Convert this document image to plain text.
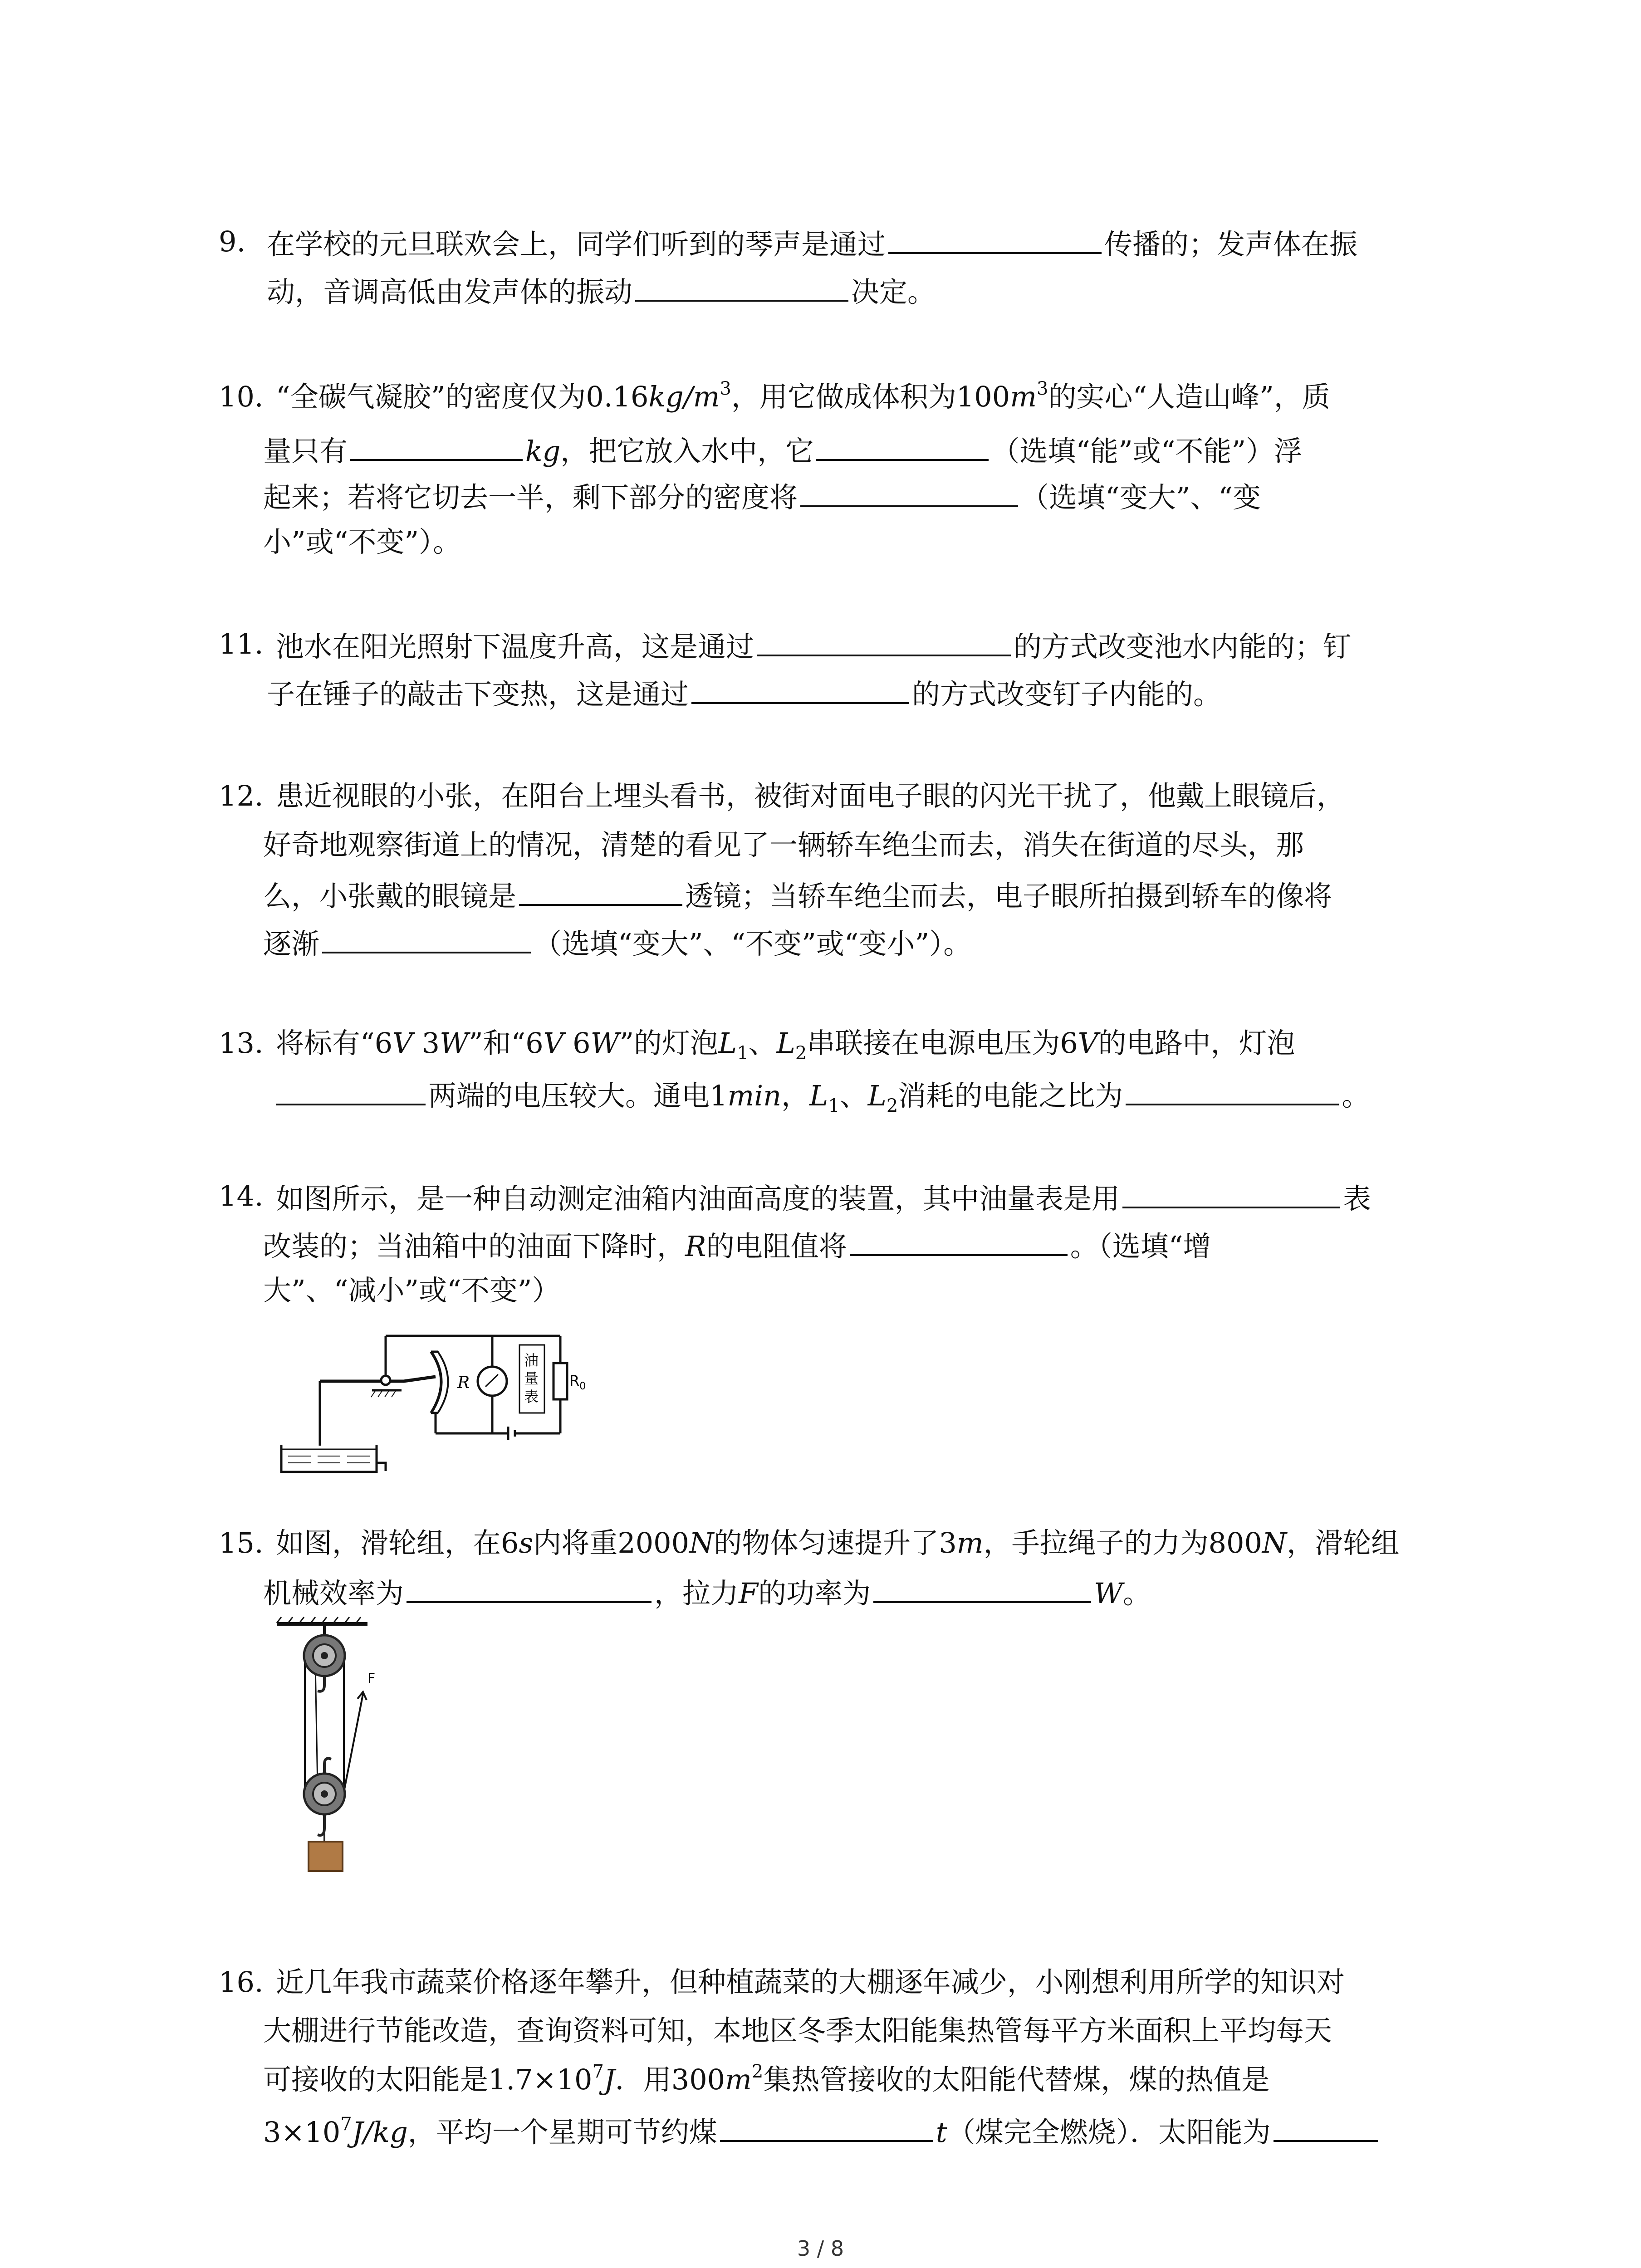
9. 在学校的元旦联欢会上，同学们听到的琴声是通过	传播的；发声体在振
动，音调高低由发声体的振动	决定。
10. “全碳气凝胶”的密度仅为$0.16kg/m^3$，用它做成体积为$100m^3$的实心“人造山峰”，质
量只有	kg，把它放入水中，它	（选填“能”或“不能”）浮
起来；若将它切去一半，剩下部分的密度将	（选填“变大”、“变
小”或“不变”）。
11. 池水在阳光照射下温度升高，这是通过	的方式改变池水内能的；钉
子在锤子的敲击下变热，这是通过	的方式改变钉子内能的。
12. 患近视眼的小张，在阳台上埋头看书，被街对面电子眼的闪光干扰了，他戴上眼镜后，
好奇地观察街道上的情况，清楚的看见了一辆轿车绝尘而去，消失在街道的尽头，那
么，小张戴的眼镜是	透镜；当轿车绝尘而去，电子眼所拍摄到轿车的像将
逐渐	（选填“变大”、“不变”或“变小”）。
13. 将标有“6V 3W”和“6V 6W”的灯泡$L_1$、$L_2$串联接在电源电压为6V的电路中，灯泡
两端的电压较大。通电1min，$L_1$、$L_2$消耗的电能之比为	。
14. 如图所示，是一种自动测定油箱内油面高度的装置，其中油量表是用	表
改装的；当油箱中的油面下降时，R的电阻值将	。（选填“增
大”、“减小”或“不变”）
R
油
量
表
$R_0$
15. 如图，滑轮组，在6s内将重2000N的物体匀速提升了3m，手拉绳子的力为800N，滑轮组
机械效率为	，拉力F的功率为	W。
F
16. 近几年我市蔬菜价格逐年攀升，但种植蔬菜的大棚逐年减少，小刚想利用所学的知识对
大棚进行节能改造，查询资料可知，本地区冬季太阳能集热管每平方米面积上平均每天
可接收的太阳能是$1.7\times 10^7J$．用$300m^2$集热管接收的太阳能代替煤，煤的热值是
$3\times 10^7J/kg$，平均一个星期可节约煤	t（煤完全燃烧）．太阳能为
3 / 8
